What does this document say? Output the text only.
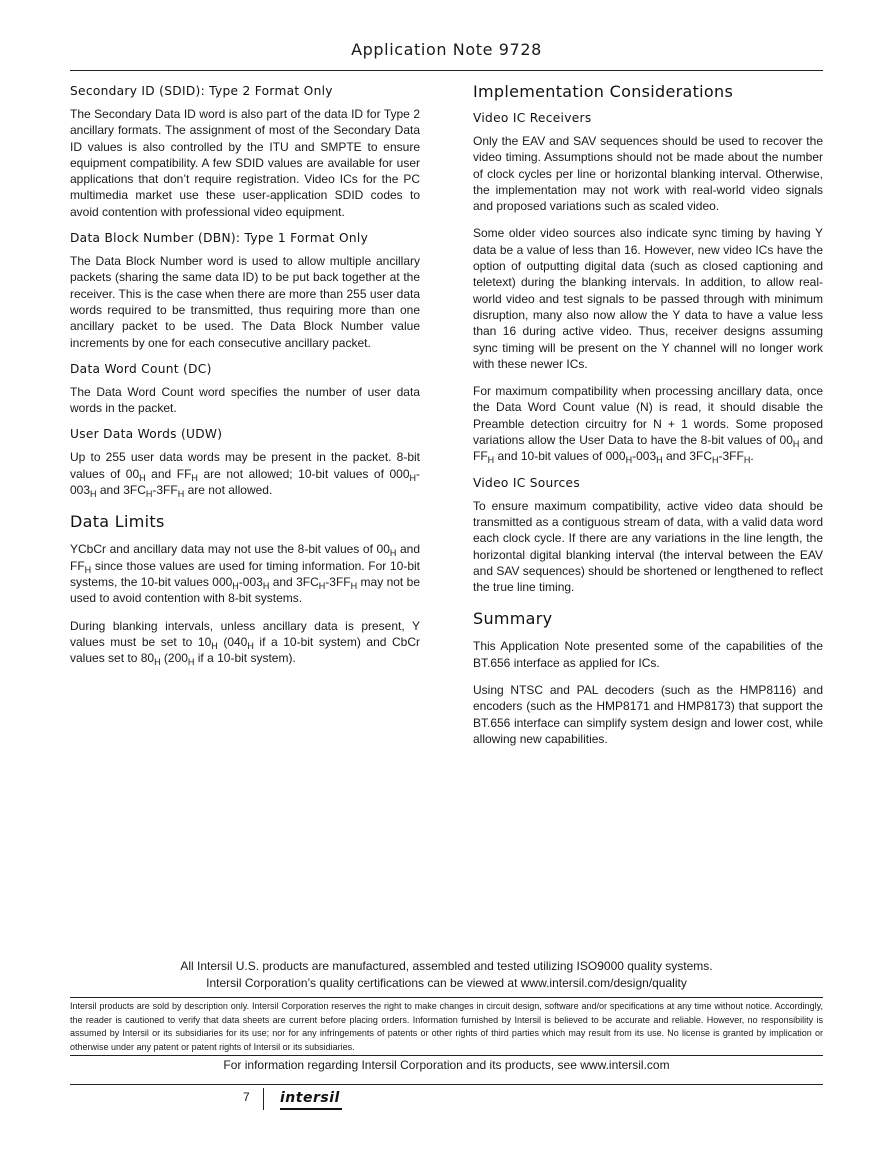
Application Note 9728
Secondary ID (SDID): Type 2 Format Only

The Secondary Data ID word is also part of the data ID for Type 2 ancillary formats. The assignment of most of the Secondary Data ID values is also controlled by the ITU and SMPTE to ensure equipment compatibility. A few SDID values are available for user applications that don’t require registration. Video ICs for the PC multimedia market use these user-application SDID codes to avoid contention with professional video equipment.

Data Block Number (DBN): Type 1 Format Only

The Data Block Number word is used to allow multiple ancillary packets (sharing the same data ID) to be put back together at the receiver. This is the case when there are more than 255 user data words required to be transmitted, thus requiring more than one ancillary packet to be used. The Data Block Number value increments by one for each consecutive ancillary packet.

Data Word Count (DC)

The Data Word Count word specifies the number of user data words in the packet.

User Data Words (UDW)

Up to 255 user data words may be present in the packet. 8-bit values of $00_H$ and $FF_H$ are not allowed; 10-bit values of $000_H-003_H$ and $3FC_H-3FF_H$ are not allowed.

Data Limits

YCbCr and ancillary data may not use the 8-bit values of $00_H$ and $FF_H$ since those values are used for timing information. For 10-bit systems, the 10-bit values $000_H-003_H$ and $3FC_H-3FF_H$ may not be used to avoid contention with 8-bit systems.

During blanking intervals, unless ancillary data is present, Y values must be set to $10_H$ ($040_H$ if a 10-bit system) and CbCr values set to $80_H$ ($200_H$ if a 10-bit system).

Implementation Considerations
Video IC Receivers

Only the EAV and SAV sequences should be used to recover the video timing. Assumptions should not be made about the number of clock cycles per line or horizontal blanking interval. Otherwise, the implementation may not work with real-world video signals and proposed variations such as scaled video.

Some older video sources also indicate sync timing by having Y data be a value of less than 16. However, new video ICs have the option of outputting digital data (such as closed captioning and teletext) during the blanking intervals. In addition, to allow real-world video and test signals to be passed through with minimum disruption, many also now allow the Y data to have a value less than 16 during active video. Thus, receiver designs assuming sync timing will be present on the Y channel will no longer work with these newer ICs.

For maximum compatibility when processing ancillary data, once the Data Word Count value (N) is read, it should disable the Preamble detection circuitry for N + 1 words. Some proposed variations allow the User Data to have the 8-bit values of $00_H$ and $FF_H$ and 10-bit values of $000_H-003_H$ and $3FC_H-3FF_H$.

Video IC Sources

To ensure maximum compatibility, active video data should be transmitted as a contiguous stream of data, with a valid data word each clock cycle. If there are any variations in the line length, the horizontal digital blanking interval (the interval between the EAV and SAV sequences) should be shortened or lengthened to reflect the true line timing.

Summary

This Application Note presented some of the capabilities of the BT.656 interface as applied for ICs.

Using NTSC and PAL decoders (such as the HMP8116) and encoders (such as the HMP8171 and HMP8173) that support the BT.656 interface can simplify system design and lower cost, while allowing new capabilities.

All Intersil U.S. products are manufactured, assembled and tested utilizing ISO9000 quality systems.
Intersil Corporation’s quality certifications can be viewed at www.intersil.com/design/quality

Intersil products are sold by description only. Intersil Corporation reserves the right to make changes in circuit design, software and/or specifications at any time without notice. Accordingly, the reader is cautioned to verify that data sheets are current before placing orders. Information furnished by Intersil is believed to be accurate and reliable. However, no responsibility is assumed by Intersil or its subsidiaries for its use; nor for any infringements of patents or other rights of third parties which may result from its use. No license is granted by implication or otherwise under any patent or patent rights of Intersil or its subsidiaries.

For information regarding Intersil Corporation and its products, see www.intersil.com
7 intersil
